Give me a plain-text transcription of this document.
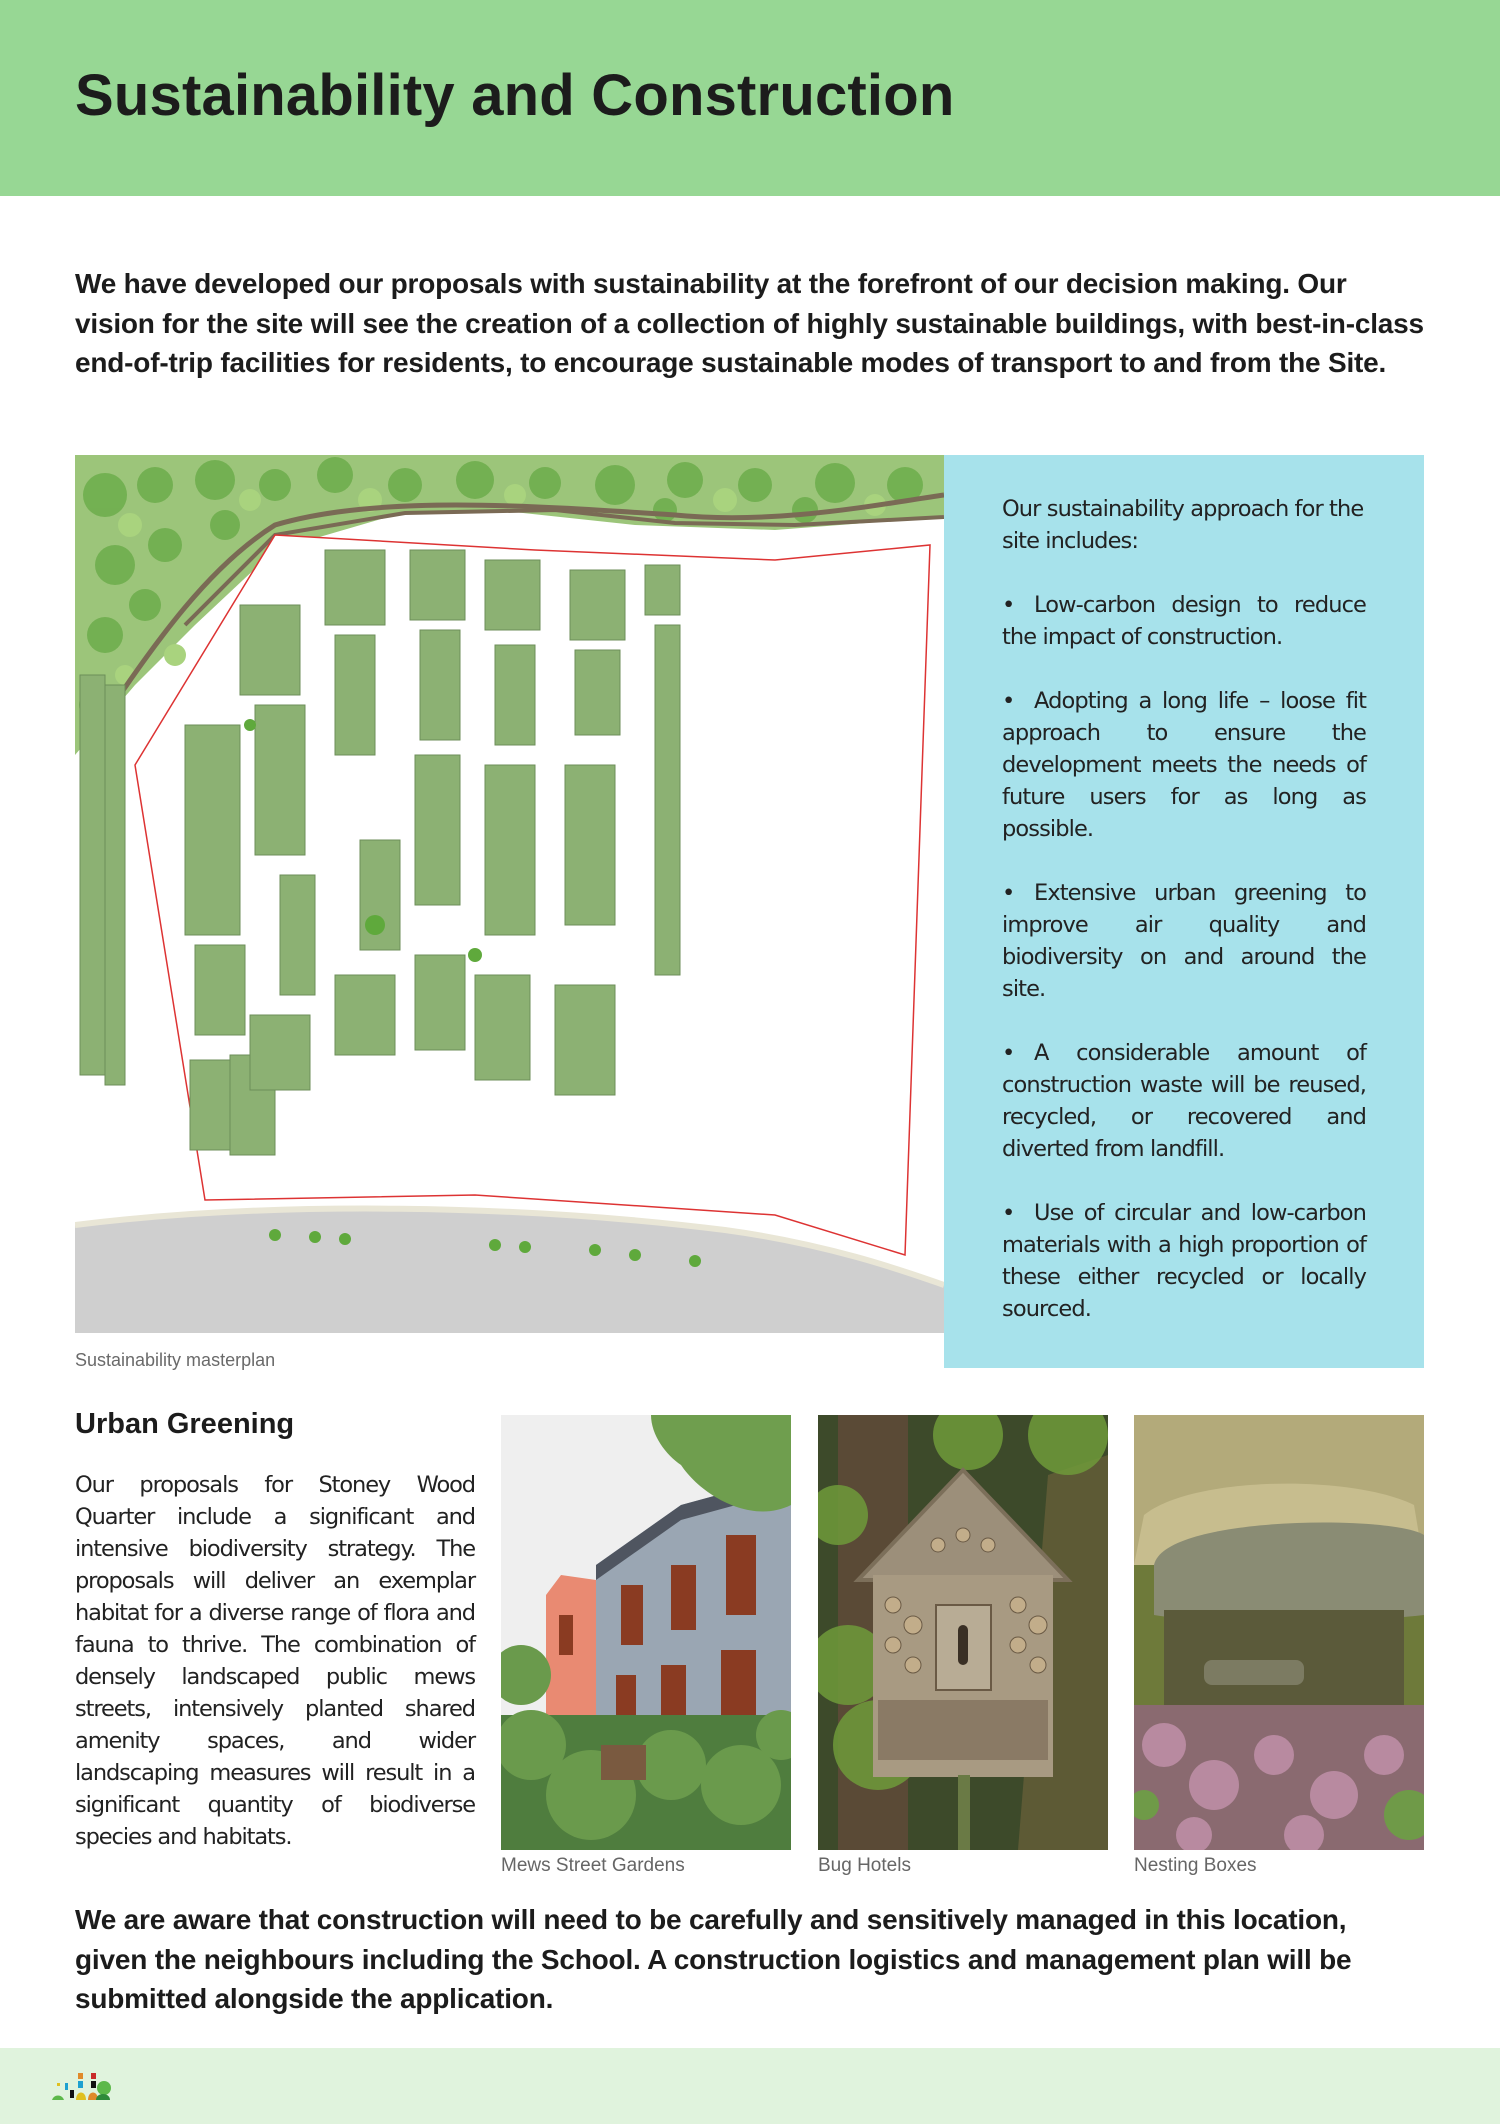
Sustainability and Construction

We have developed our proposals with sustainability at the forefront of our decision making. Our vision for the site will see the creation of a collection of highly sustainable buildings, with best-in-class end-of-trip facilities for residents, to encourage sustainable modes of transport to and from the Site.

Sustainability masterplan

Our sustainability approach for the site includes:

• Low-carbon design to reduce the impact of construction.

• Adopting a long life – loose fit approach to ensure the development meets the needs of future users for as long as possible.

• Extensive urban greening to improve air quality and biodiversity on and around the site.

• A considerable amount of construction waste will be reused, recycled, or recovered and diverted from landfill.

• Use of circular and low-carbon materials with a high proportion of these either recycled or locally sourced.

Urban Greening

Our proposals for Stoney Wood Quarter include a significant and intensive biodiversity strategy. The proposals will deliver an exemplar habitat for a diverse range of flora and fauna to thrive. The combination of densely landscaped public mews streets, intensively planted shared amenity spaces, and wider landscaping measures will result in a significant quantity of biodiverse species and habitats.

Mews Street Gardens	Bug Hotels	Nesting Boxes

We are aware that construction will need to be carefully and sensitively managed in this location, given the neighbours including the School. A construction logistics and management plan will be submitted alongside the application.
